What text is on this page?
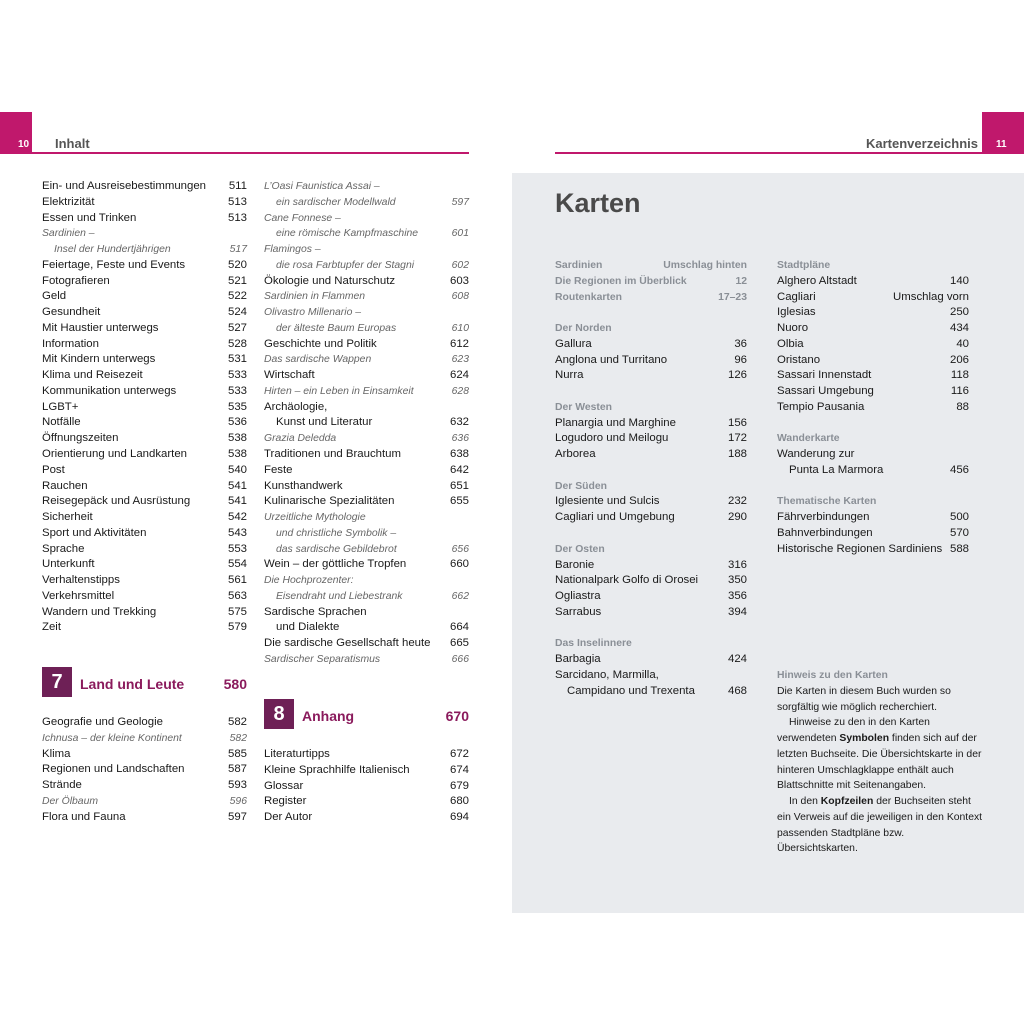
10 Inhalt	11
Kartenverzeichnis
Ein- und Ausreisebestimmungen 511
Elektrizität	513
Essen und Trinken	513
Sardinien –
Insel der Hundertjährigen	517
Feiertage, Feste und Events	520
Fotografieren	521
Geld	522
Gesundheit	524
Mit Haustier unterwegs	527
Information	528
Mit Kindern unterwegs	531
Klima und Reisezeit	533
Kommunikation unterwegs	533
LGBT+	535
Notfälle	536
Öffnungszeiten	538
Orientierung und Landkarten	538
Post	540
Rauchen	541
Reisegepäck und Ausrüstung	541
Sicherheit	542
Sport und Aktivitäten	543
Sprache	553
Unterkunft	554
Verhaltenstipps	561
Verkehrsmittel	563
Wandern und Trekking	575
Zeit	579
7	Land und Leute	580
Geografie und Geologie	582
Ichnusa – der kleine Kontinent	582
Klima	585
Regionen und Landschaften	587
Strände	593
Der Ölbaum	596
Flora und Fauna	597
L’Oasi Faunistica Assai –
ein sardischer Modellwald	597
Cane Fonnese –
eine römische Kampfmaschine	601
Flamingos –
die rosa Farbtupfer der Stagni	602
Ökologie und Naturschutz	603
Sardinien in Flammen	608
Olivastro Millenario –
der älteste Baum Europas	610
Geschichte und Politik	612
Das sardische Wappen	623
Wirtschaft	624
Hirten – ein Leben in Einsamkeit	628
Archäologie,
Kunst und Literatur	632
Grazia Deledda	636
Traditionen und Brauchtum	638
Feste	642
Kunsthandwerk	651
Kulinarische Spezialitäten	655
Urzeitliche Mythologie
und christliche Symbolik –
das sardische Gebildebrot	656
Wein – der göttliche Tropfen	660
Die Hochprozenter:
Eisendraht und Liebestrank	662
Sardische Sprachen
und Dialekte	664
Die sardische Gesellschaft heute 665
Sardischer Separatismus	666
8	Anhang	670
Literaturtipps	672
Kleine Sprachhilfe Italienisch	674
Glossar	679
Register	680
Der Autor	694
Karten
Sardinien	Umschlag hinten
Die Regionen im Überblick	12
Routenkarten	17–23
Der Norden
Gallura	36
Anglona und Turritano	96
Nurra	126
Der Westen
Planargia und Marghine	156
Logudoro und Meilogu	172
Arborea	188
Der Süden
Iglesiente und Sulcis	232
Cagliari und Umgebung	290
Der Osten
Baronie	316
Nationalpark Golfo di Orosei	350
Ogliastra	356
Sarrabus	394
Das Inselinnere
Barbagia	424
Sarcidano, Marmilla,
Campidano und Trexenta	468
Stadtpläne
Alghero Altstadt	140
Cagliari	Umschlag vorn
Iglesias	250
Nuoro	434
Olbia	40
Oristano	206
Sassari Innenstadt	118
Sassari Umgebung	116
Tempio Pausania	88
Wanderkarte
Wanderung zur
Punta La Marmora	456
Thematische Karten
Fährverbindungen	500
Bahnverbindungen	570
Historische Regionen Sardiniens 588

Hinweis zu den Karten

Die Karten in diesem Buch wurden so sorgfältig wie möglich recherchiert.

Hinweise zu den in den Karten verwendeten Symbolen finden sich auf der letzten Buchseite. Die Übersichtskarte in der hinteren Umschlagklappe enthält auch Blattschnitte mit Seitenangaben.

In den Kopfzeilen der Buchseiten steht ein Verweis auf die jeweiligen in den Kontext passenden Stadtpläne bzw. Übersichtskarten.
